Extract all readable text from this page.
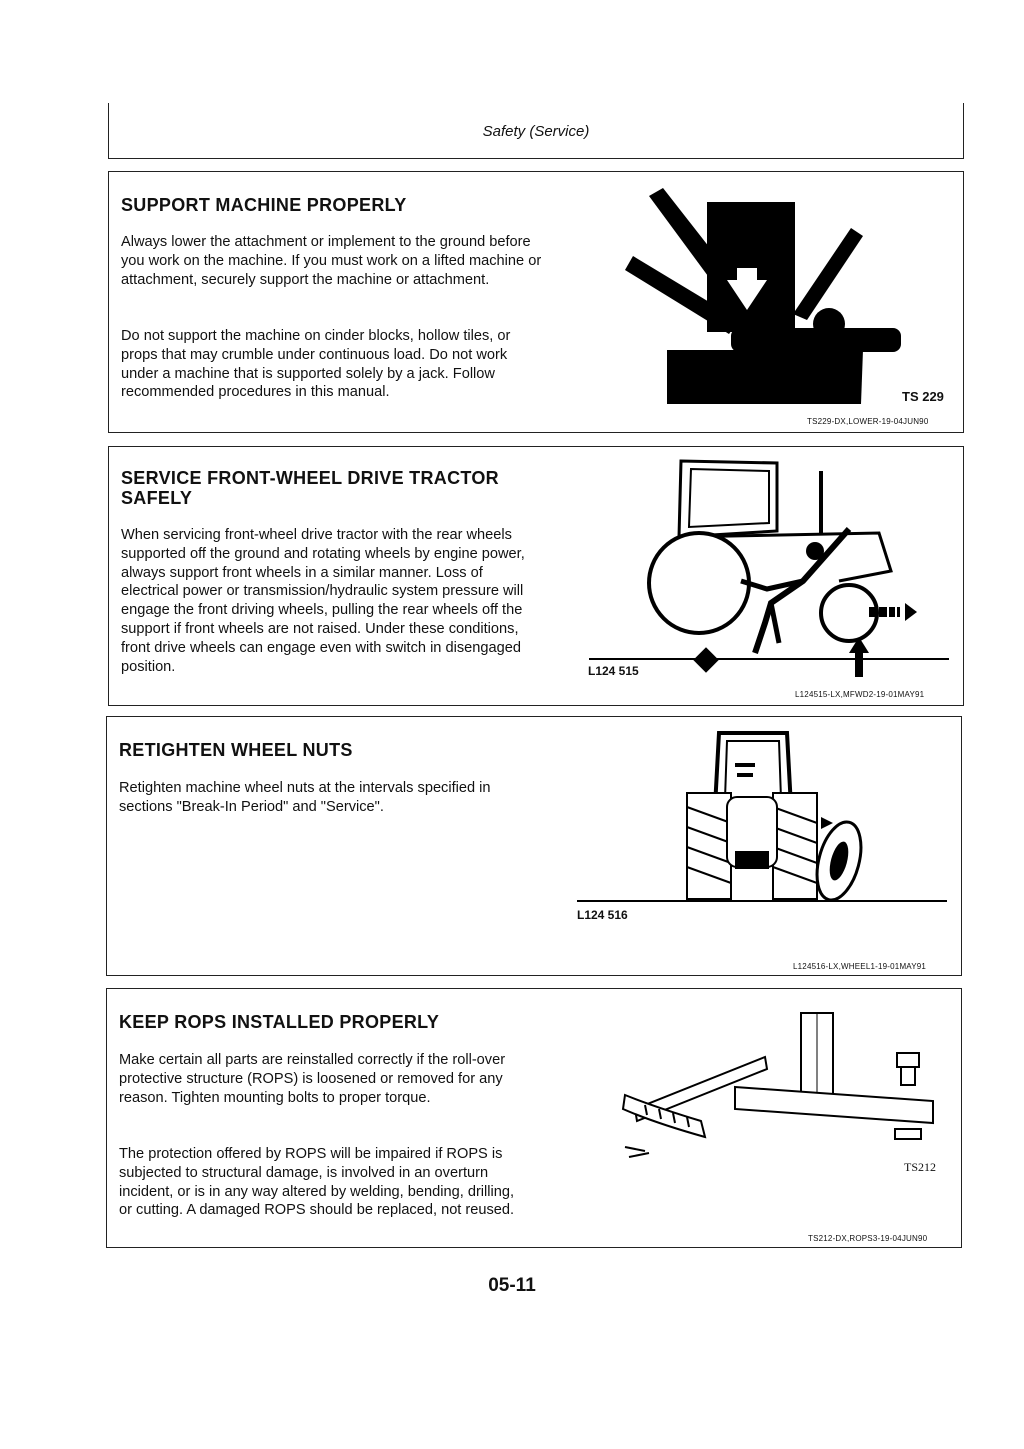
Safety (Service)
SUPPORT MACHINE PROPERLY

Always lower the attachment or implement to the ground before you work on the machine. If you must work on a lifted machine or attachment, securely support the machine or attachment.

Do not support the machine on cinder blocks, hollow tiles, or props that may crumble under continuous load. Do not work under a machine that is supported solely by a jack. Follow recommended procedures in this manual.	TS 229
TS229-DX,LOWER-19-04JUN90
SERVICE FRONT-WHEEL DRIVE TRACTOR SAFELY

When servicing front-wheel drive tractor with the rear wheels supported off the ground and rotating wheels by engine power, always support front wheels in a similar manner. Loss of electrical power or transmission/hydraulic system pressure will engage the front driving wheels, pulling the rear wheels off the support if front wheels are not raised. Under these conditions, front drive wheels can engage even with switch in disengaged position.	L124 515
L124515-LX,MFWD2-19-01MAY91
RETIGHTEN WHEEL NUTS

Retighten machine wheel nuts at the intervals specified in sections "Break-In Period" and "Service".

L124 516
L124516-LX,WHEEL1-19-01MAY91
KEEP ROPS INSTALLED PROPERLY

Make certain all parts are reinstalled correctly if the roll-over protective structure (ROPS) is loosened or removed for any reason. Tighten mounting bolts to proper torque.

The protection offered by ROPS will be impaired if ROPS is subjected to structural damage, is involved in an overturn incident, or is in any way altered by welding, bending, drilling, or cutting. A damaged ROPS should be replaced, not reused.

TS212
TS212-DX,ROPS3-19-04JUN90
05-11
